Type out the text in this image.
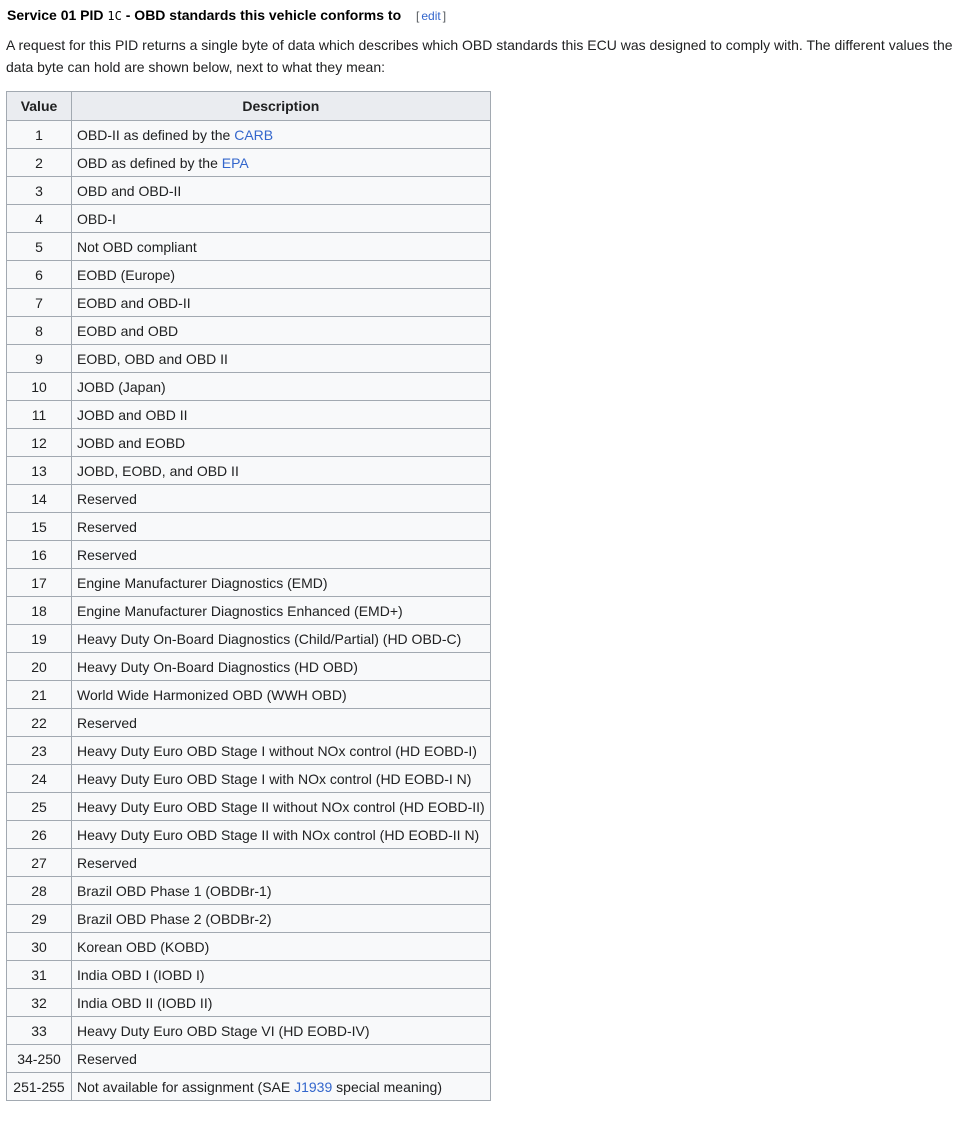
Service 01 PID 1C - OBD standards this vehicle conforms to [ edit ]

A request for this PID returns a single byte of data which describes which OBD standards this ECU was designed to comply with. The different values the data byte can hold are shown below, next to what they mean:

Value	Description
1	OBD-II as defined by the CARB
2	OBD as defined by the EPA
3	OBD and OBD-II
4	OBD-I
5	Not OBD compliant
6	EOBD (Europe)
7	EOBD and OBD-II
8	EOBD and OBD
9	EOBD, OBD and OBD II
10	JOBD (Japan)
11	JOBD and OBD II
12	JOBD and EOBD
13	JOBD, EOBD, and OBD II
14	Reserved
15	Reserved
16	Reserved
17	Engine Manufacturer Diagnostics (EMD)
18	Engine Manufacturer Diagnostics Enhanced (EMD+)
19	Heavy Duty On-Board Diagnostics (Child/Partial) (HD OBD-C)
20	Heavy Duty On-Board Diagnostics (HD OBD)
21	World Wide Harmonized OBD (WWH OBD)
22	Reserved
23	Heavy Duty Euro OBD Stage I without NOx control (HD EOBD-I)
24	Heavy Duty Euro OBD Stage I with NOx control (HD EOBD-I N)
25	Heavy Duty Euro OBD Stage II without NOx control (HD EOBD-II)
26	Heavy Duty Euro OBD Stage II with NOx control (HD EOBD-II N)
27	Reserved
28	Brazil OBD Phase 1 (OBDBr-1)
29	Brazil OBD Phase 2 (OBDBr-2)
30	Korean OBD (KOBD)
31	India OBD I (IOBD I)
32	India OBD II (IOBD II)
33	Heavy Duty Euro OBD Stage VI (HD EOBD-IV)
34-250	Reserved
251-255	Not available for assignment (SAE J1939 special meaning)
